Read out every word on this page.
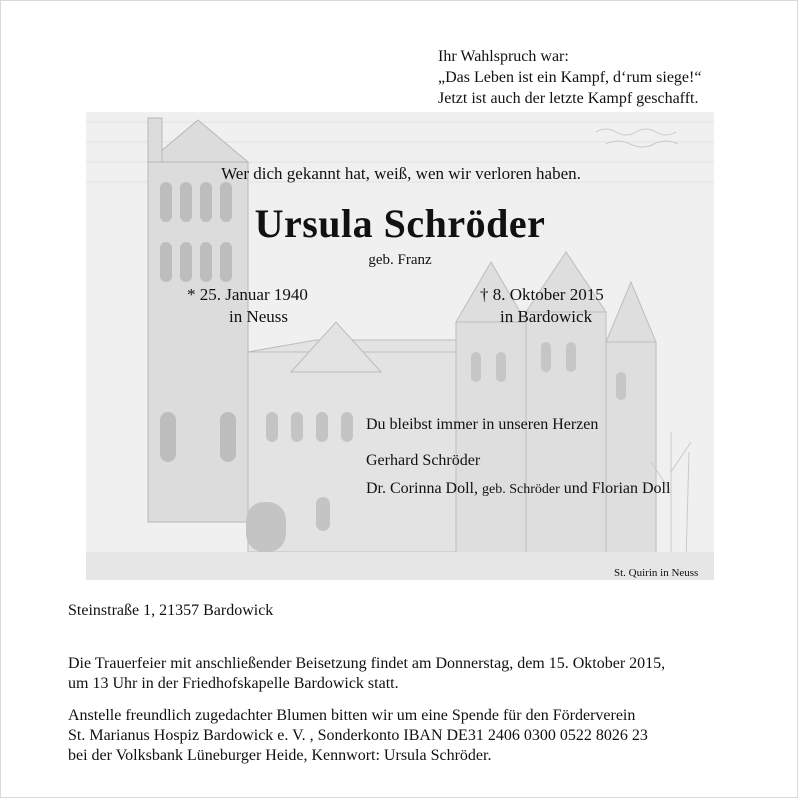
Ihr Wahlspruch war:
„Das Leben ist ein Kampf, d‘rum siege!“
Jetzt ist auch der letzte Kampf geschafft.
Wer dich gekannt hat, weiß, wen wir verloren haben.
Ursula Schröder
geb. Franz
* 25. Januar 1940
in Neuss
† 8. Oktober 2015
in Bardowick
Du bleibst immer in unseren Herzen
Gerhard Schröder
Dr. Corinna Doll, geb. Schröder und Florian Doll
St. Quirin in Neuss
Steinstraße 1, 21357 Bardowick
Die Trauerfeier mit anschließender Beisetzung findet am Donnerstag, dem 15. Oktober 2015,
um 13 Uhr in der Friedhofskapelle Bardowick statt.
Anstelle freundlich zugedachter Blumen bitten wir um eine Spende für den Förderverein
St. Marianus Hospiz Bardowick e. V. , Sonderkonto IBAN DE31 2406 0300 0522 8026 23
bei der Volksbank Lüneburger Heide, Kennwort: Ursula Schröder.
